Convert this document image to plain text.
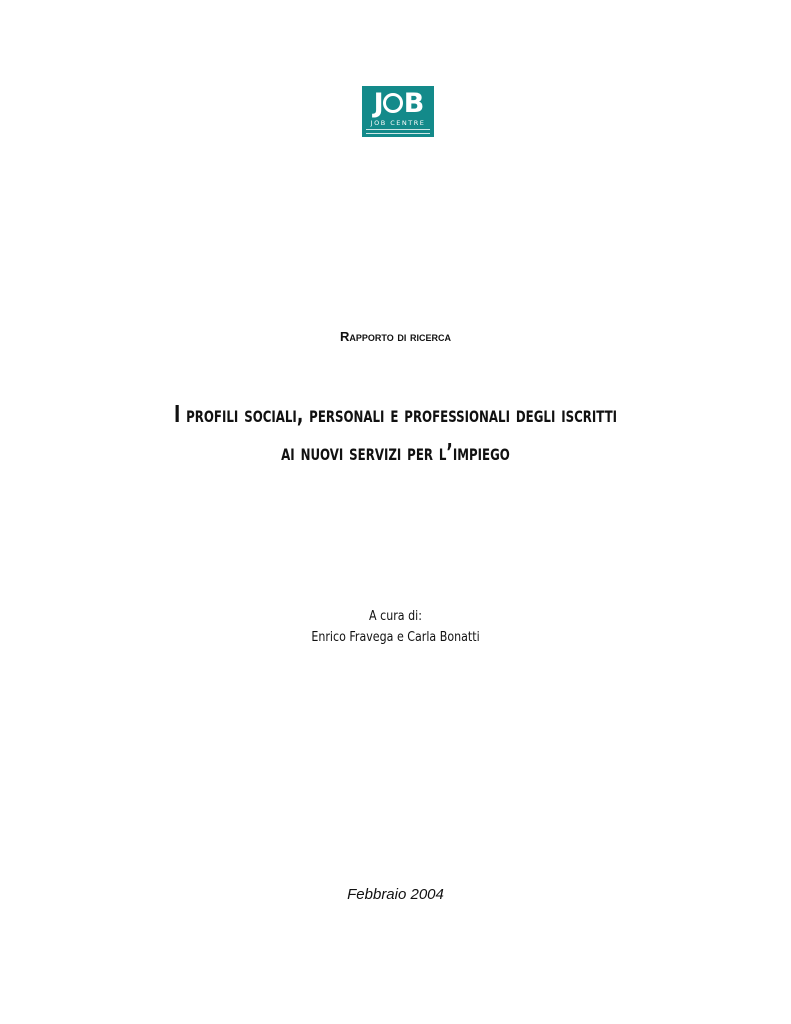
J B
JOB CENTRE
Rapporto di ricerca
I profili sociali, personali e professionali degli iscritti
ai nuovi servizi per l’impiego
A cura di:
Enrico Fravega e Carla Bonatti
Febbraio 2004
